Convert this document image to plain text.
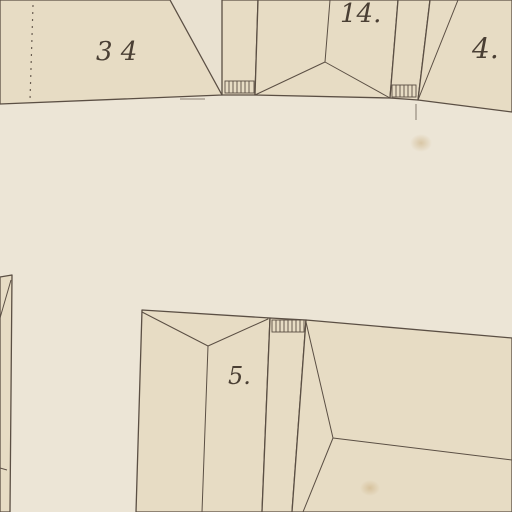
3 4
14.
4.
5.
